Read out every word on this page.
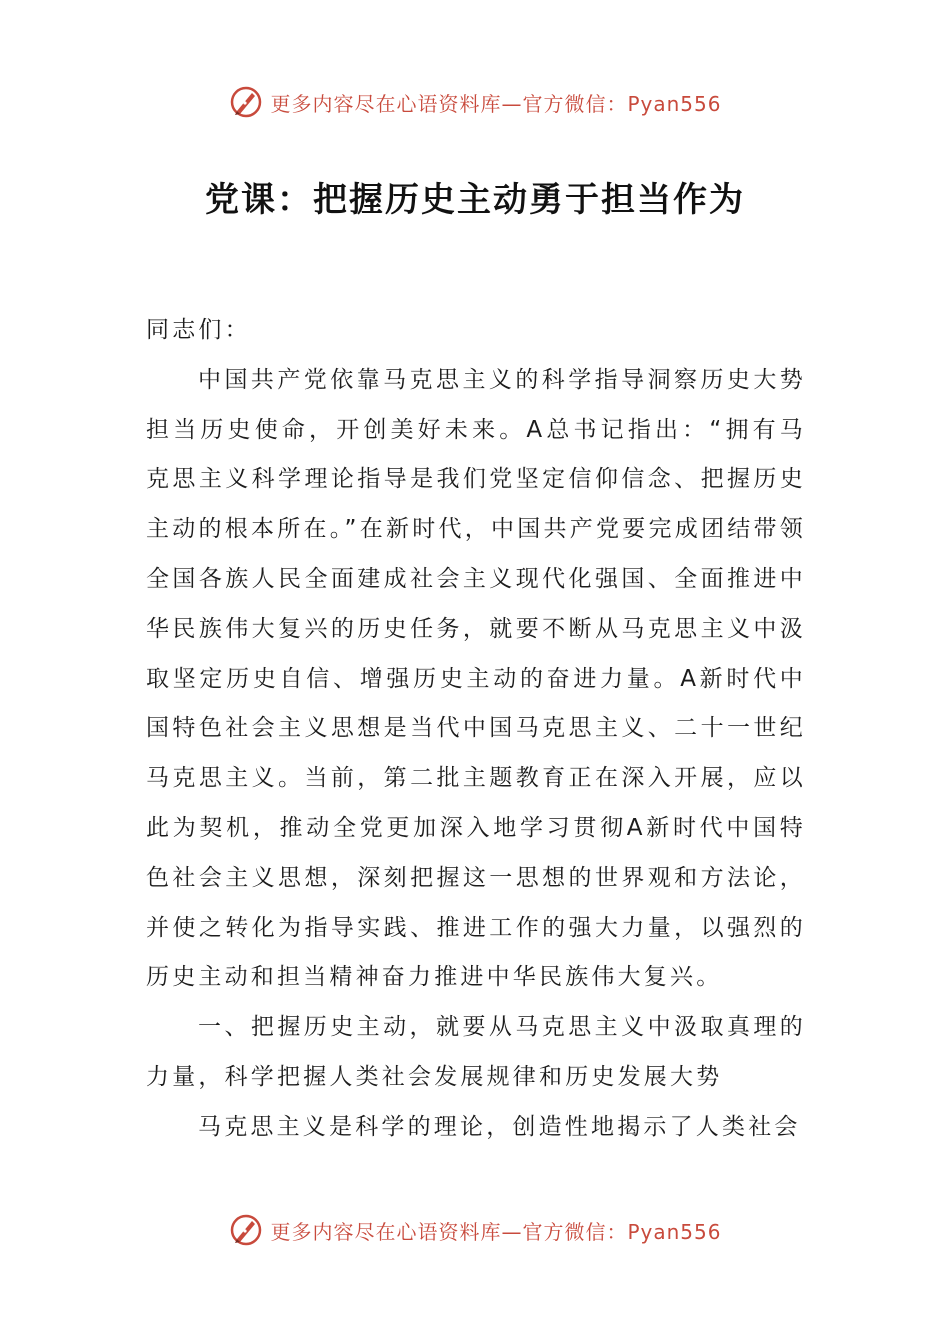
更多内容尽在心语资料库—官方微信：Pyan556
党课：把握历史主动勇于担当作为

同志们：

中国共产党依靠马克思主义的科学指导洞察历史大势担当历史使命，开创美好未来。A总书记指出：“拥有马克思主义科学理论指导是我们党坚定信仰信念、把握历史主动的根本所在。”在新时代，中国共产党要完成团结带领全国各族人民全面建成社会主义现代化强国、全面推进中华民族伟大复兴的历史任务，就要不断从马克思主义中汲取坚定历史自信、增强历史主动的奋进力量。A新时代中国特色社会主义思想是当代中国马克思主义、二十一世纪马克思主义。当前，第二批主题教育正在深入开展，应以此为契机，推动全党更加深入地学习贯彻A新时代中国特色社会主义思想，深刻把握这一思想的世界观和方法论，并使之转化为指导实践、推进工作的强大力量，以强烈的历史主动和担当精神奋力推进中华民族伟大复兴。

一、把握历史主动，就要从马克思主义中汲取真理的力量，科学把握人类社会发展规律和历史发展大势

马克思主义是科学的理论，创造性地揭示了人类社会

更多内容尽在心语资料库—官方微信：Pyan556
